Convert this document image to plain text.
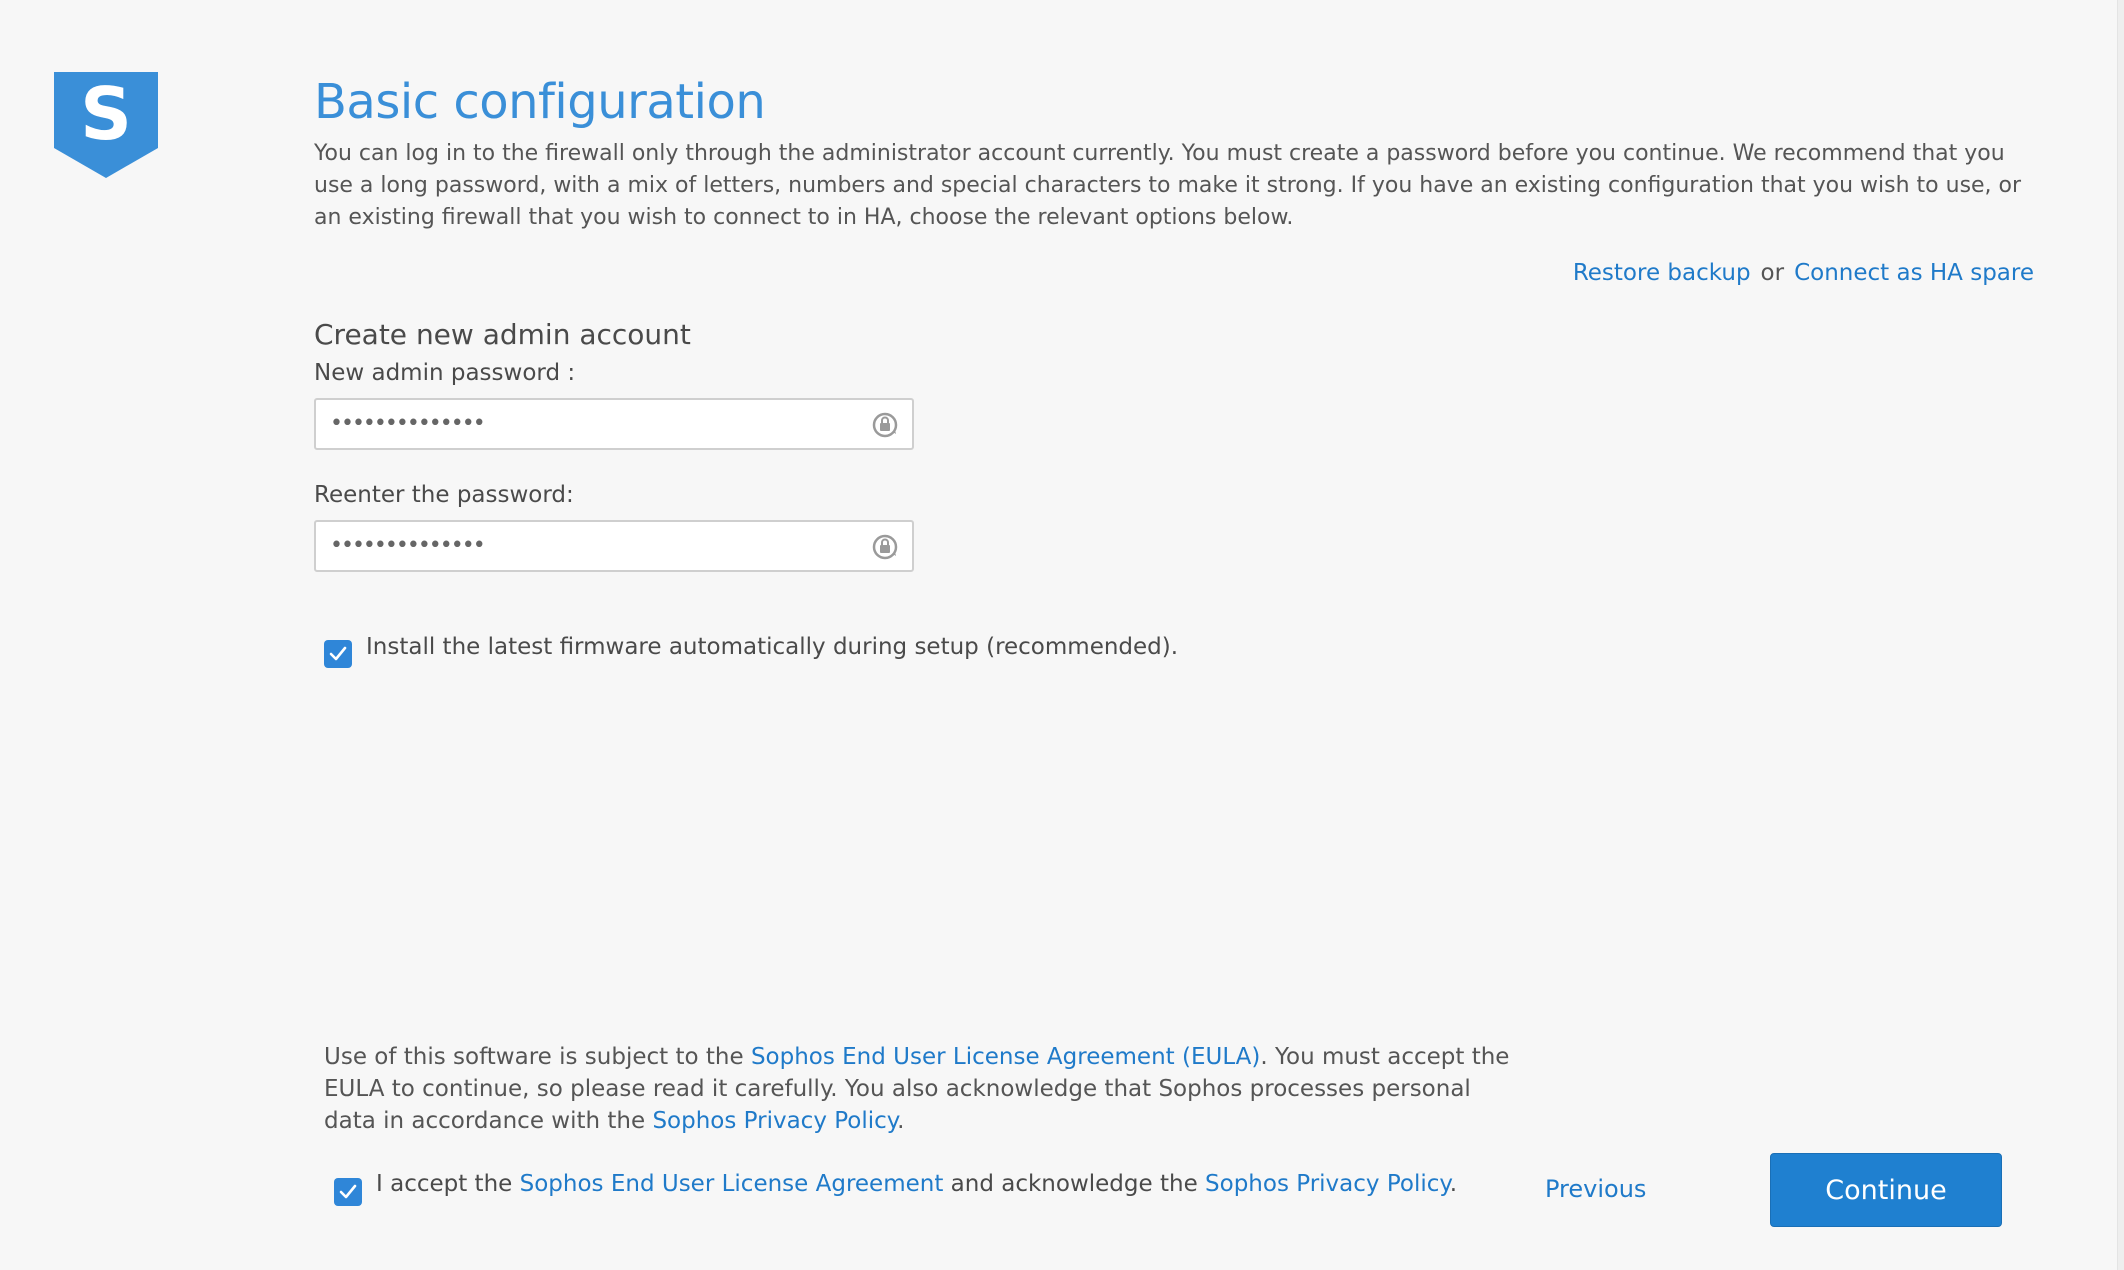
S	Basic configuration
You can log in to the firewall only through the administrator account currently. You must create a password before you continue. We recommend that you use a long password, with a mix of letters, numbers and special characters to make it strong. If you have an existing configuration that you wish to use, or an existing firewall that you wish to connect to in HA, choose the relevant options below.
Restore backup or Connect as HA spare
Create new admin account
New admin password :
••••••••••••••
Reenter the password:
••••••••••••••
Install the latest firmware automatically during setup (recommended).
Use of this software is subject to the Sophos End User License Agreement (EULA). You must accept the EULA to continue, so please read it carefully. You also acknowledge that Sophos processes personal data in accordance with the Sophos Privacy Policy.
I accept the Sophos End User License Agreement and acknowledge the Sophos Privacy Policy.	Previous	Continue
